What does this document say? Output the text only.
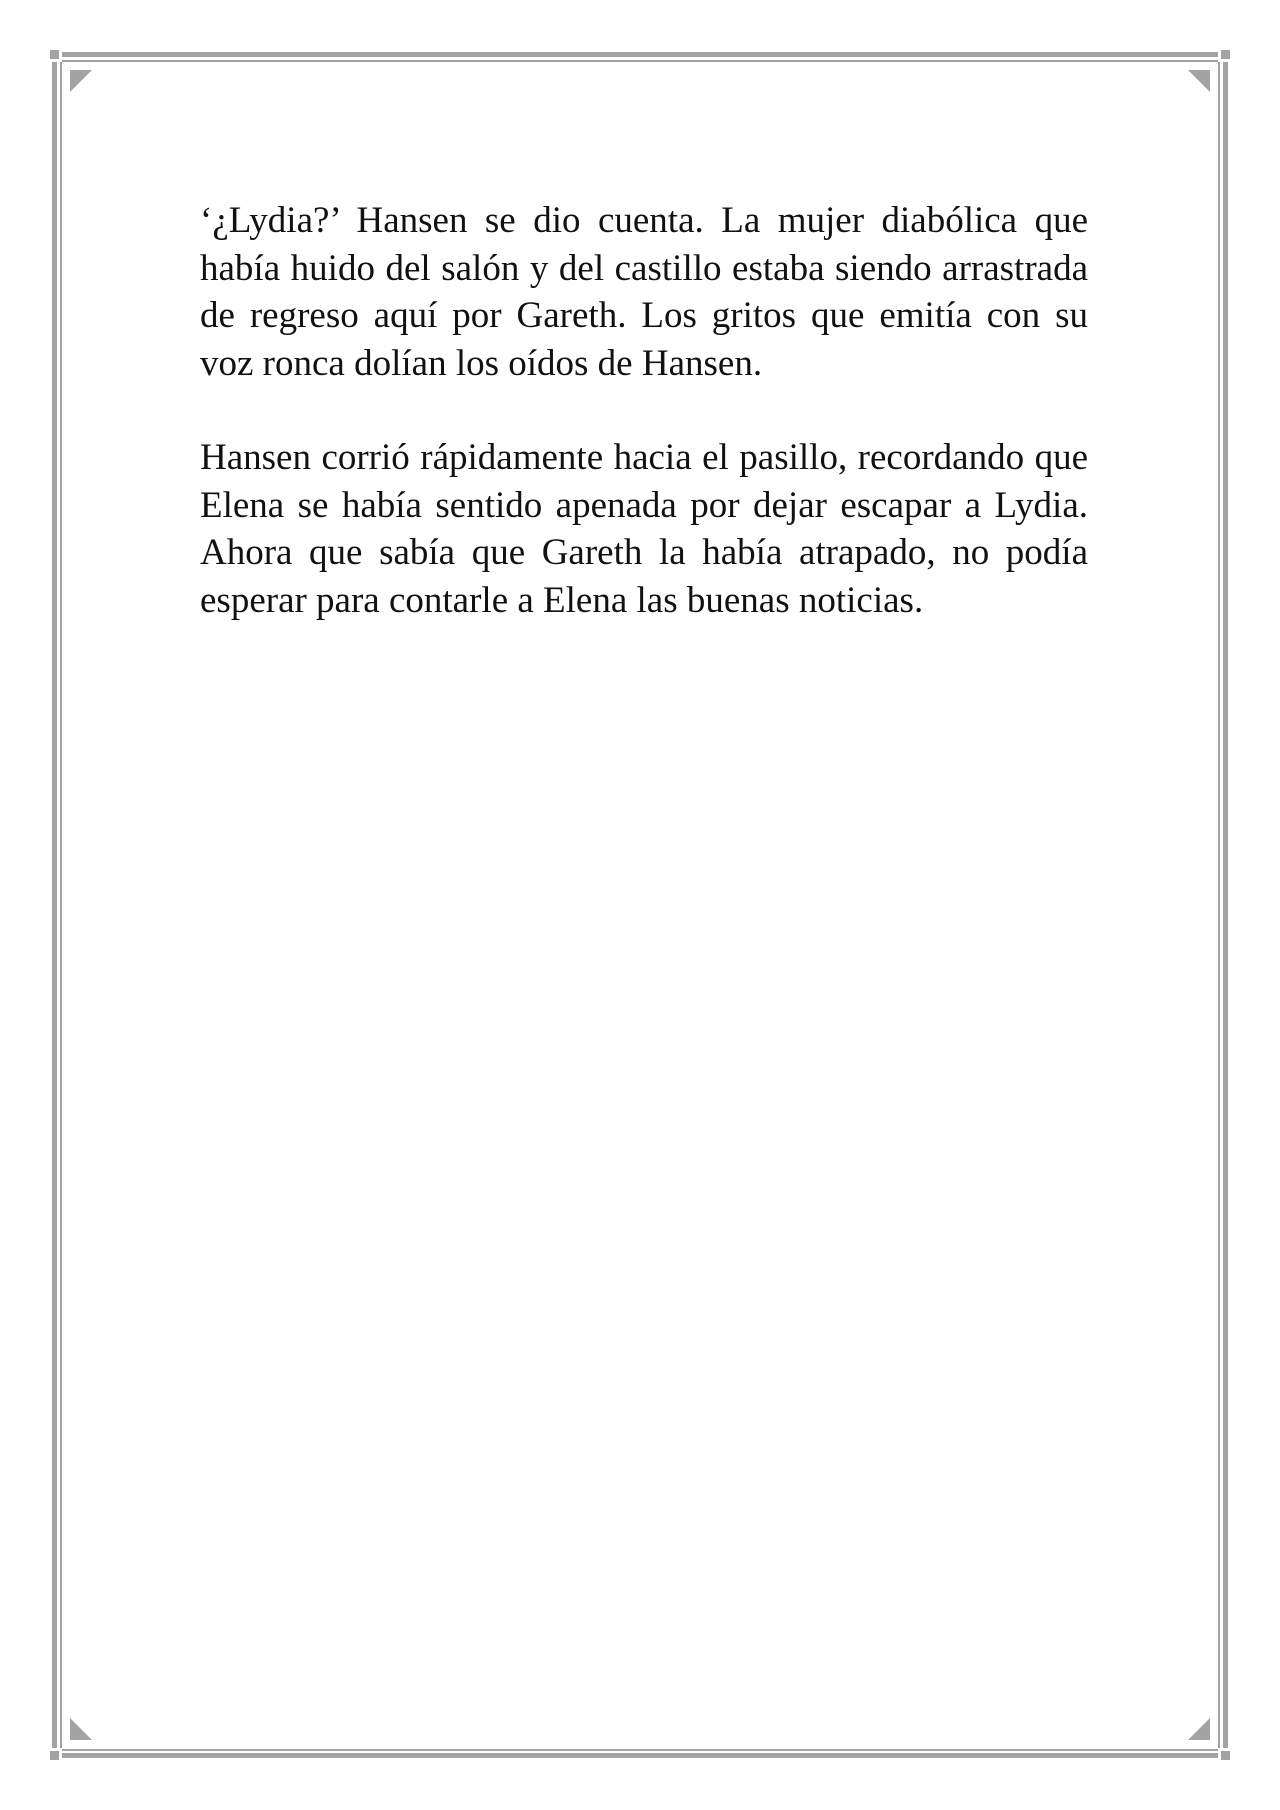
‘¿Lydia?’ Hansen se dio cuenta. La mujer diabólica que había huido del salón y del castillo estaba siendo arrastrada de regreso aquí por Gareth. Los gritos que emitía con su voz ronca dolían los oídos de Hansen.

Hansen corrió rápidamente hacia el pasillo, recordando que Elena se había sentido apenada por dejar escapar a Lydia. Ahora que sabía que Gareth la había atrapado, no podía esperar para contarle a Elena las buenas noticias.
